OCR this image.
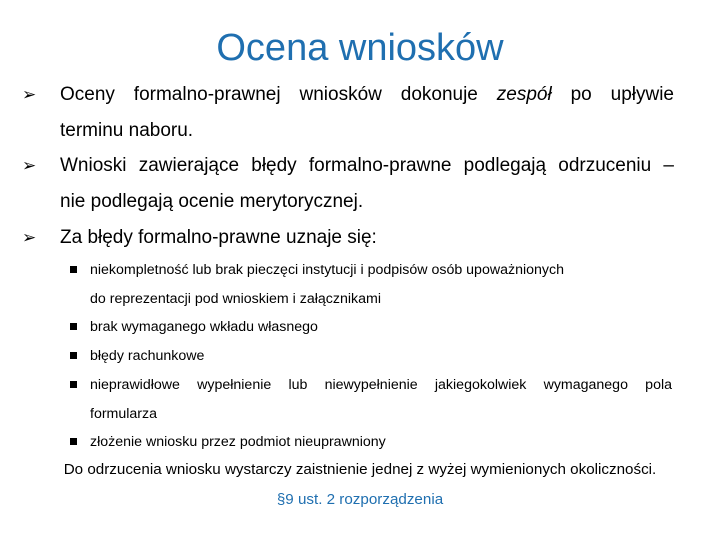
Ocena wniosków
➢	Oceny formalno-prawnej wniosków dokonuje zespół po upływie
terminu naboru.
➢	Wnioski zawierające błędy formalno-prawne podlegają odrzuceniu –
nie podlegają ocenie merytorycznej.
➢	Za błędy formalno-prawne uznaje się:
niekompletność lub brak pieczęci instytucji i podpisów osób upoważnionych
do reprezentacji pod wnioskiem i załącznikami
brak wymaganego wkładu własnego
błędy rachunkowe
nieprawidłowe wypełnienie lub niewypełnienie jakiegokolwiek wymaganego pola
formularza
złożenie wniosku przez podmiot nieuprawniony
Do odrzucenia wniosku wystarczy zaistnienie jednej z wyżej wymienionych okoliczności.
§9 ust. 2 rozporządzenia
